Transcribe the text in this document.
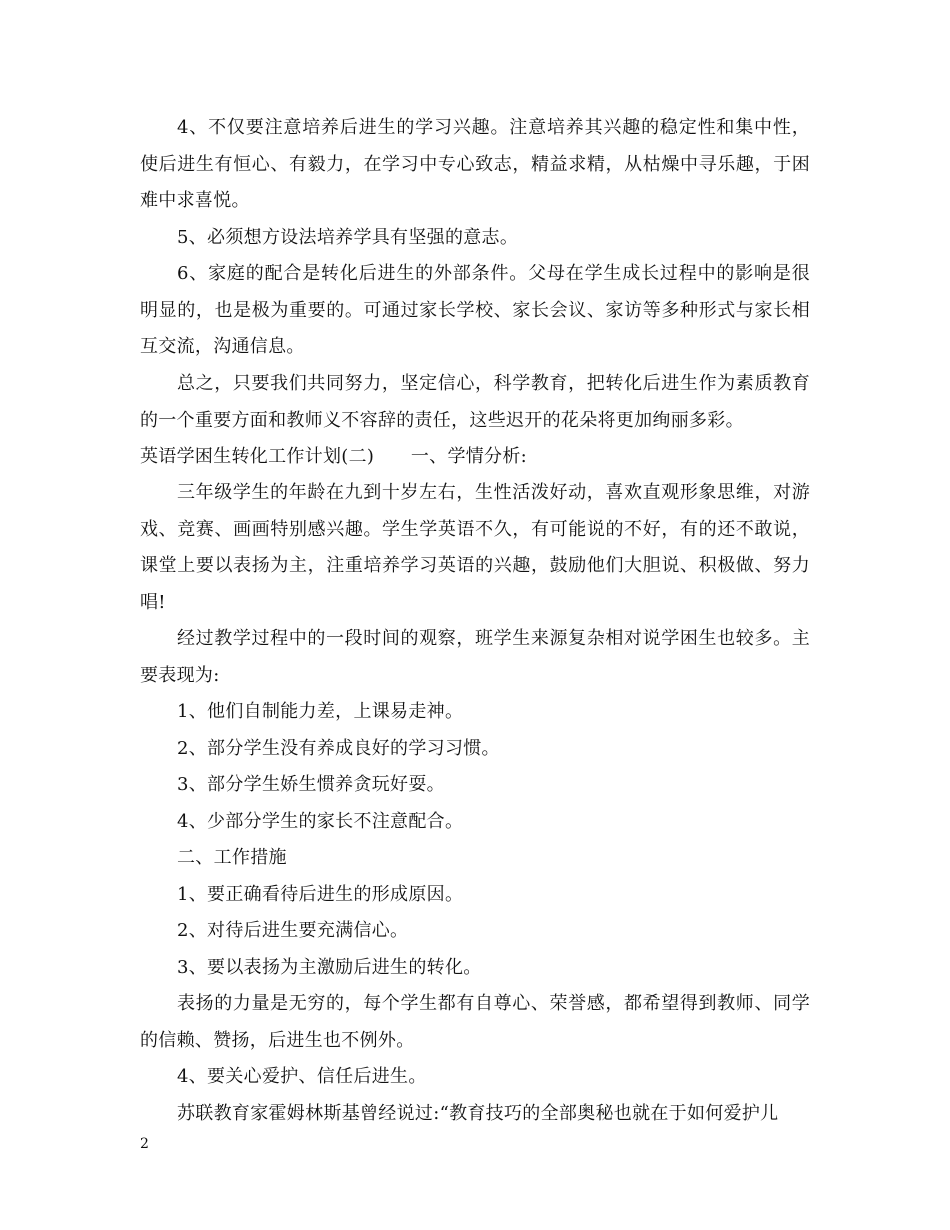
4、不仅要注意培养后进生的学习兴趣。注意培养其兴趣的稳定性和集中性，使后进生有恒心、有毅力，在学习中专心致志，精益求精，从枯燥中寻乐趣，于困难中求喜悦。

5、必须想方设法培养学具有坚强的意志。

6、家庭的配合是转化后进生的外部条件。父母在学生成长过程中的影响是很明显的，也是极为重要的。可通过家长学校、家长会议、家访等多种形式与家长相互交流，沟通信息。

总之，只要我们共同努力，坚定信心，科学教育，把转化后进生作为素质教育的一个重要方面和教师义不容辞的责任，这些迟开的花朵将更加绚丽多彩。

英语学困生转化工作计划(二)　　一、学情分析:

三年级学生的年龄在九到十岁左右，生性活泼好动，喜欢直观形象思维，对游戏、竞赛、画画特别感兴趣。学生学英语不久，有可能说的不好，有的还不敢说，课堂上要以表扬为主，注重培养学习英语的兴趣，鼓励他们大胆说、积极做、努力唱!

经过教学过程中的一段时间的观察，班学生来源复杂相对说学困生也较多。主要表现为:

1、他们自制能力差，上课易走神。

2、部分学生没有养成良好的学习习惯。

3、部分学生娇生惯养贪玩好耍。

4、少部分学生的家长不注意配合。

二、工作措施

1、要正确看待后进生的形成原因。

2、对待后进生要充满信心。

3、要以表扬为主激励后进生的转化。

表扬的力量是无穷的，每个学生都有自尊心、荣誉感，都希望得到教师、同学的信赖、赞扬，后进生也不例外。

4、要关心爱护、信任后进生。

苏联教育家霍姆林斯基曾经说过:“教育技巧的全部奥秘也就在于如何爱护儿

2
